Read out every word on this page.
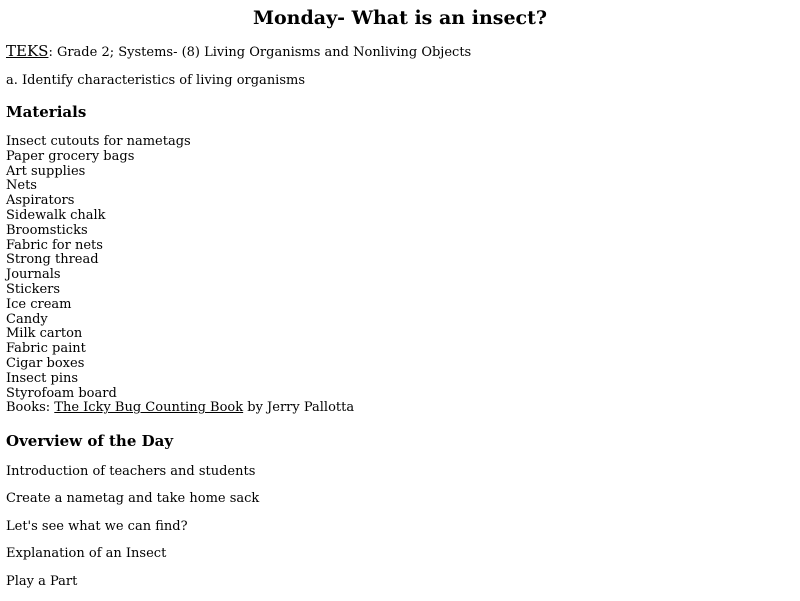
Monday- What is an insect?

TEKS: Grade 2; Systems- (8) Living Organisms and Nonliving Objects

a. Identify characteristics of living organisms

Materials
Insect cutouts for nametags
Paper grocery bags
Art supplies
Nets
Aspirators
Sidewalk chalk
Broomsticks
Fabric for nets
Strong thread
Journals
Stickers
Ice cream
Candy
Milk carton
Fabric paint
Cigar boxes
Insect pins
Styrofoam board
Books: The Icky Bug Counting Book by Jerry Pallotta
Overview of the Day
Introduction of teachers and students
Create a nametag and take home sack
Let's see what we can find?
Explanation of an Insect
Play a Part
